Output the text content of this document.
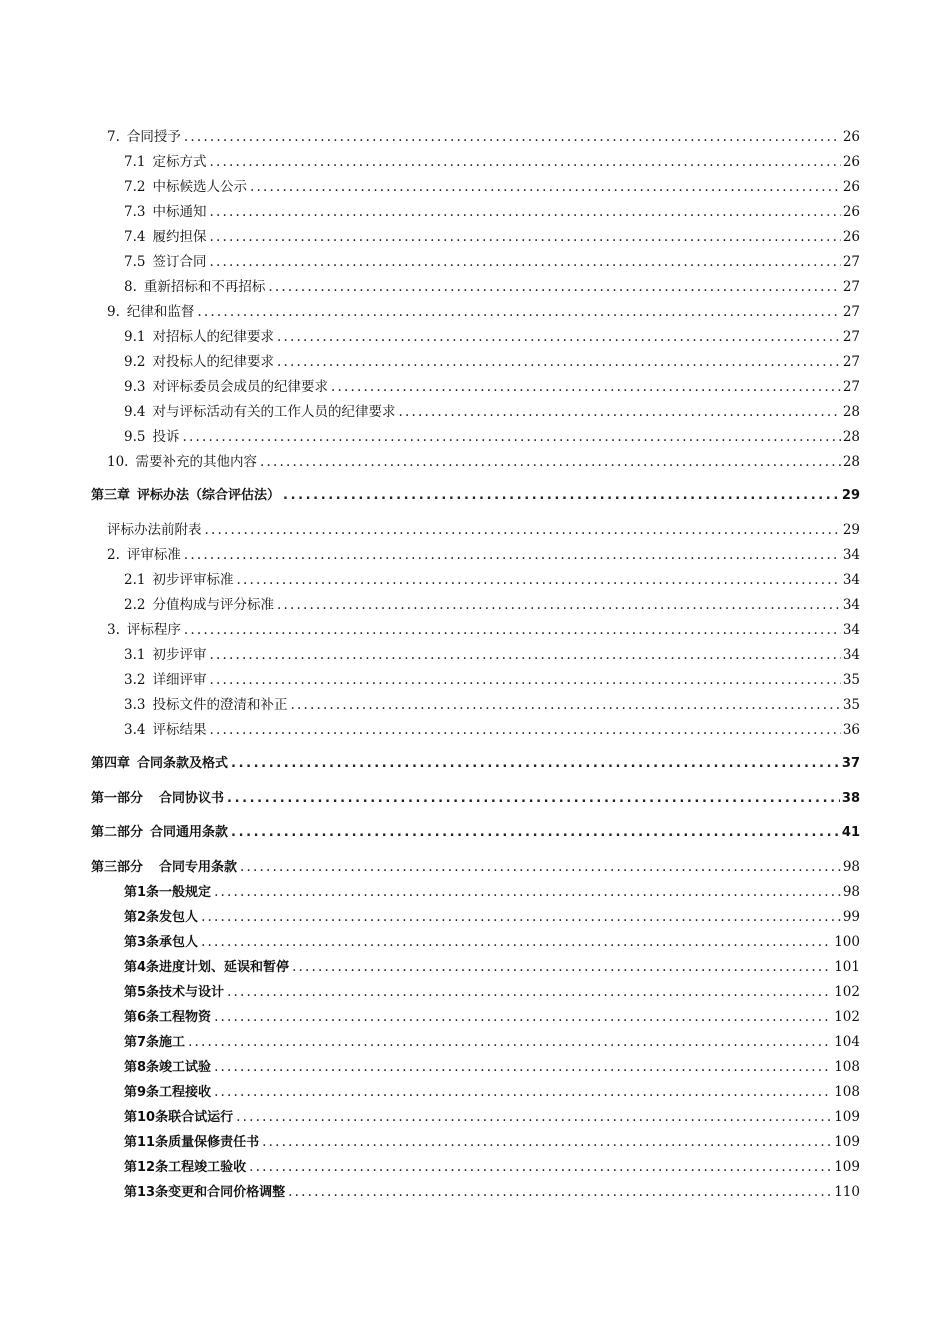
7. 合同授予 .....	26
7.1 定标方式 .....	26
7.2 中标候选人公示 .....	26
7.3 中标通知 .....	26
7.4 履约担保 .....	26
7.5 签订合同 .....	27
8. 重新招标和不再招标 .....	27
9. 纪律和监督 .....	27
9.1 对招标人的纪律要求 .....	27
9.2 对投标人的纪律要求 .....	27
9.3 对评标委员会成员的纪律要求 .....	27
9.4 对与评标活动有关的工作人员的纪律要求 .....	28
9.5 投诉 .....	28
10. 需要补充的其他内容 .....	28
第三章 评标办法（综合评估法） .....	29
评标办法前附表 .....	29
2. 评审标准 .....	34
2.1 初步评审标准 .....	34
2.2 分值构成与评分标准 .....	34
3. 评标程序 .....	34
3.1 初步评审 .....	34
3.2 详细评审 .....	35
3.3 投标文件的澄清和补正 .....	35
3.4 评标结果 .....	36
第四章 合同条款及格式 .....	37
第一部分 合同协议书 .....	38
第二部分 合同通用条款 .....	41
第三部分 合同专用条款 .....	98
第1条 一般规定 .....	98
第2条 发包人 .....	99
第3条 承包人 .....	100
第4条 进度计划、延误和暂停 .....	101
第5条 技术与设计 .....	102
第6条 工程物资 .....	102
第7条 施工 .....	104
第8条 竣工试验 .....	108
第9条 工程接收 .....	108
第10条 联合试运行 .....	109
第11条 质量保修责任书 .....	109
第12条 工程竣工验收 .....	109
第13条 变更和合同价格调整 .....	110
